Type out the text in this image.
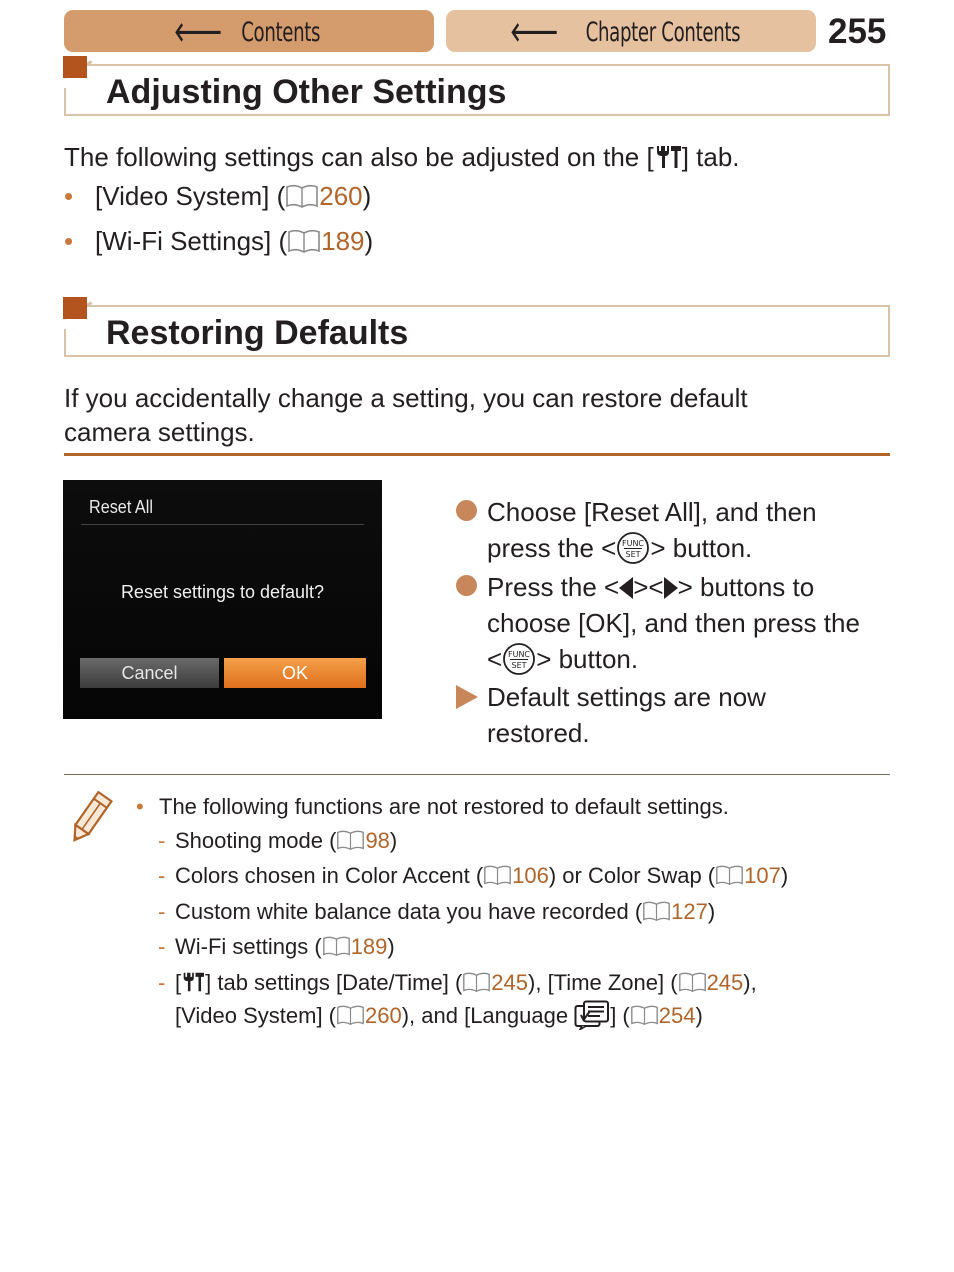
🡐 Contents	🡐 Chapter Contents	255
Adjusting Other Settings
The following settings can also be adjusted on the [ ] tab.
• [Video System] ( 260)
• [Wi-Fi Settings] ( 189)
Restoring Defaults
If you accidentally change a setting, you can restore default
camera settings.
Reset All
Reset settings to default?
Cancel	OK
Choose [Reset All], and then
press the < > button.
Press the < >< > buttons to
choose [OK], and then press the
< > button.
Default settings are now
restored.
• The following functions are not restored to default settings.
- Shooting mode ( 98)
- Colors chosen in Color Accent ( 106) or Color Swap ( 107)
- Custom white balance data you have recorded ( 127)
- Wi-Fi settings ( 189)
- [ ] tab settings [Date/Time] ( 245), [Time Zone] ( 245),
[Video System] ( 260), and [Language ] ( 254)
